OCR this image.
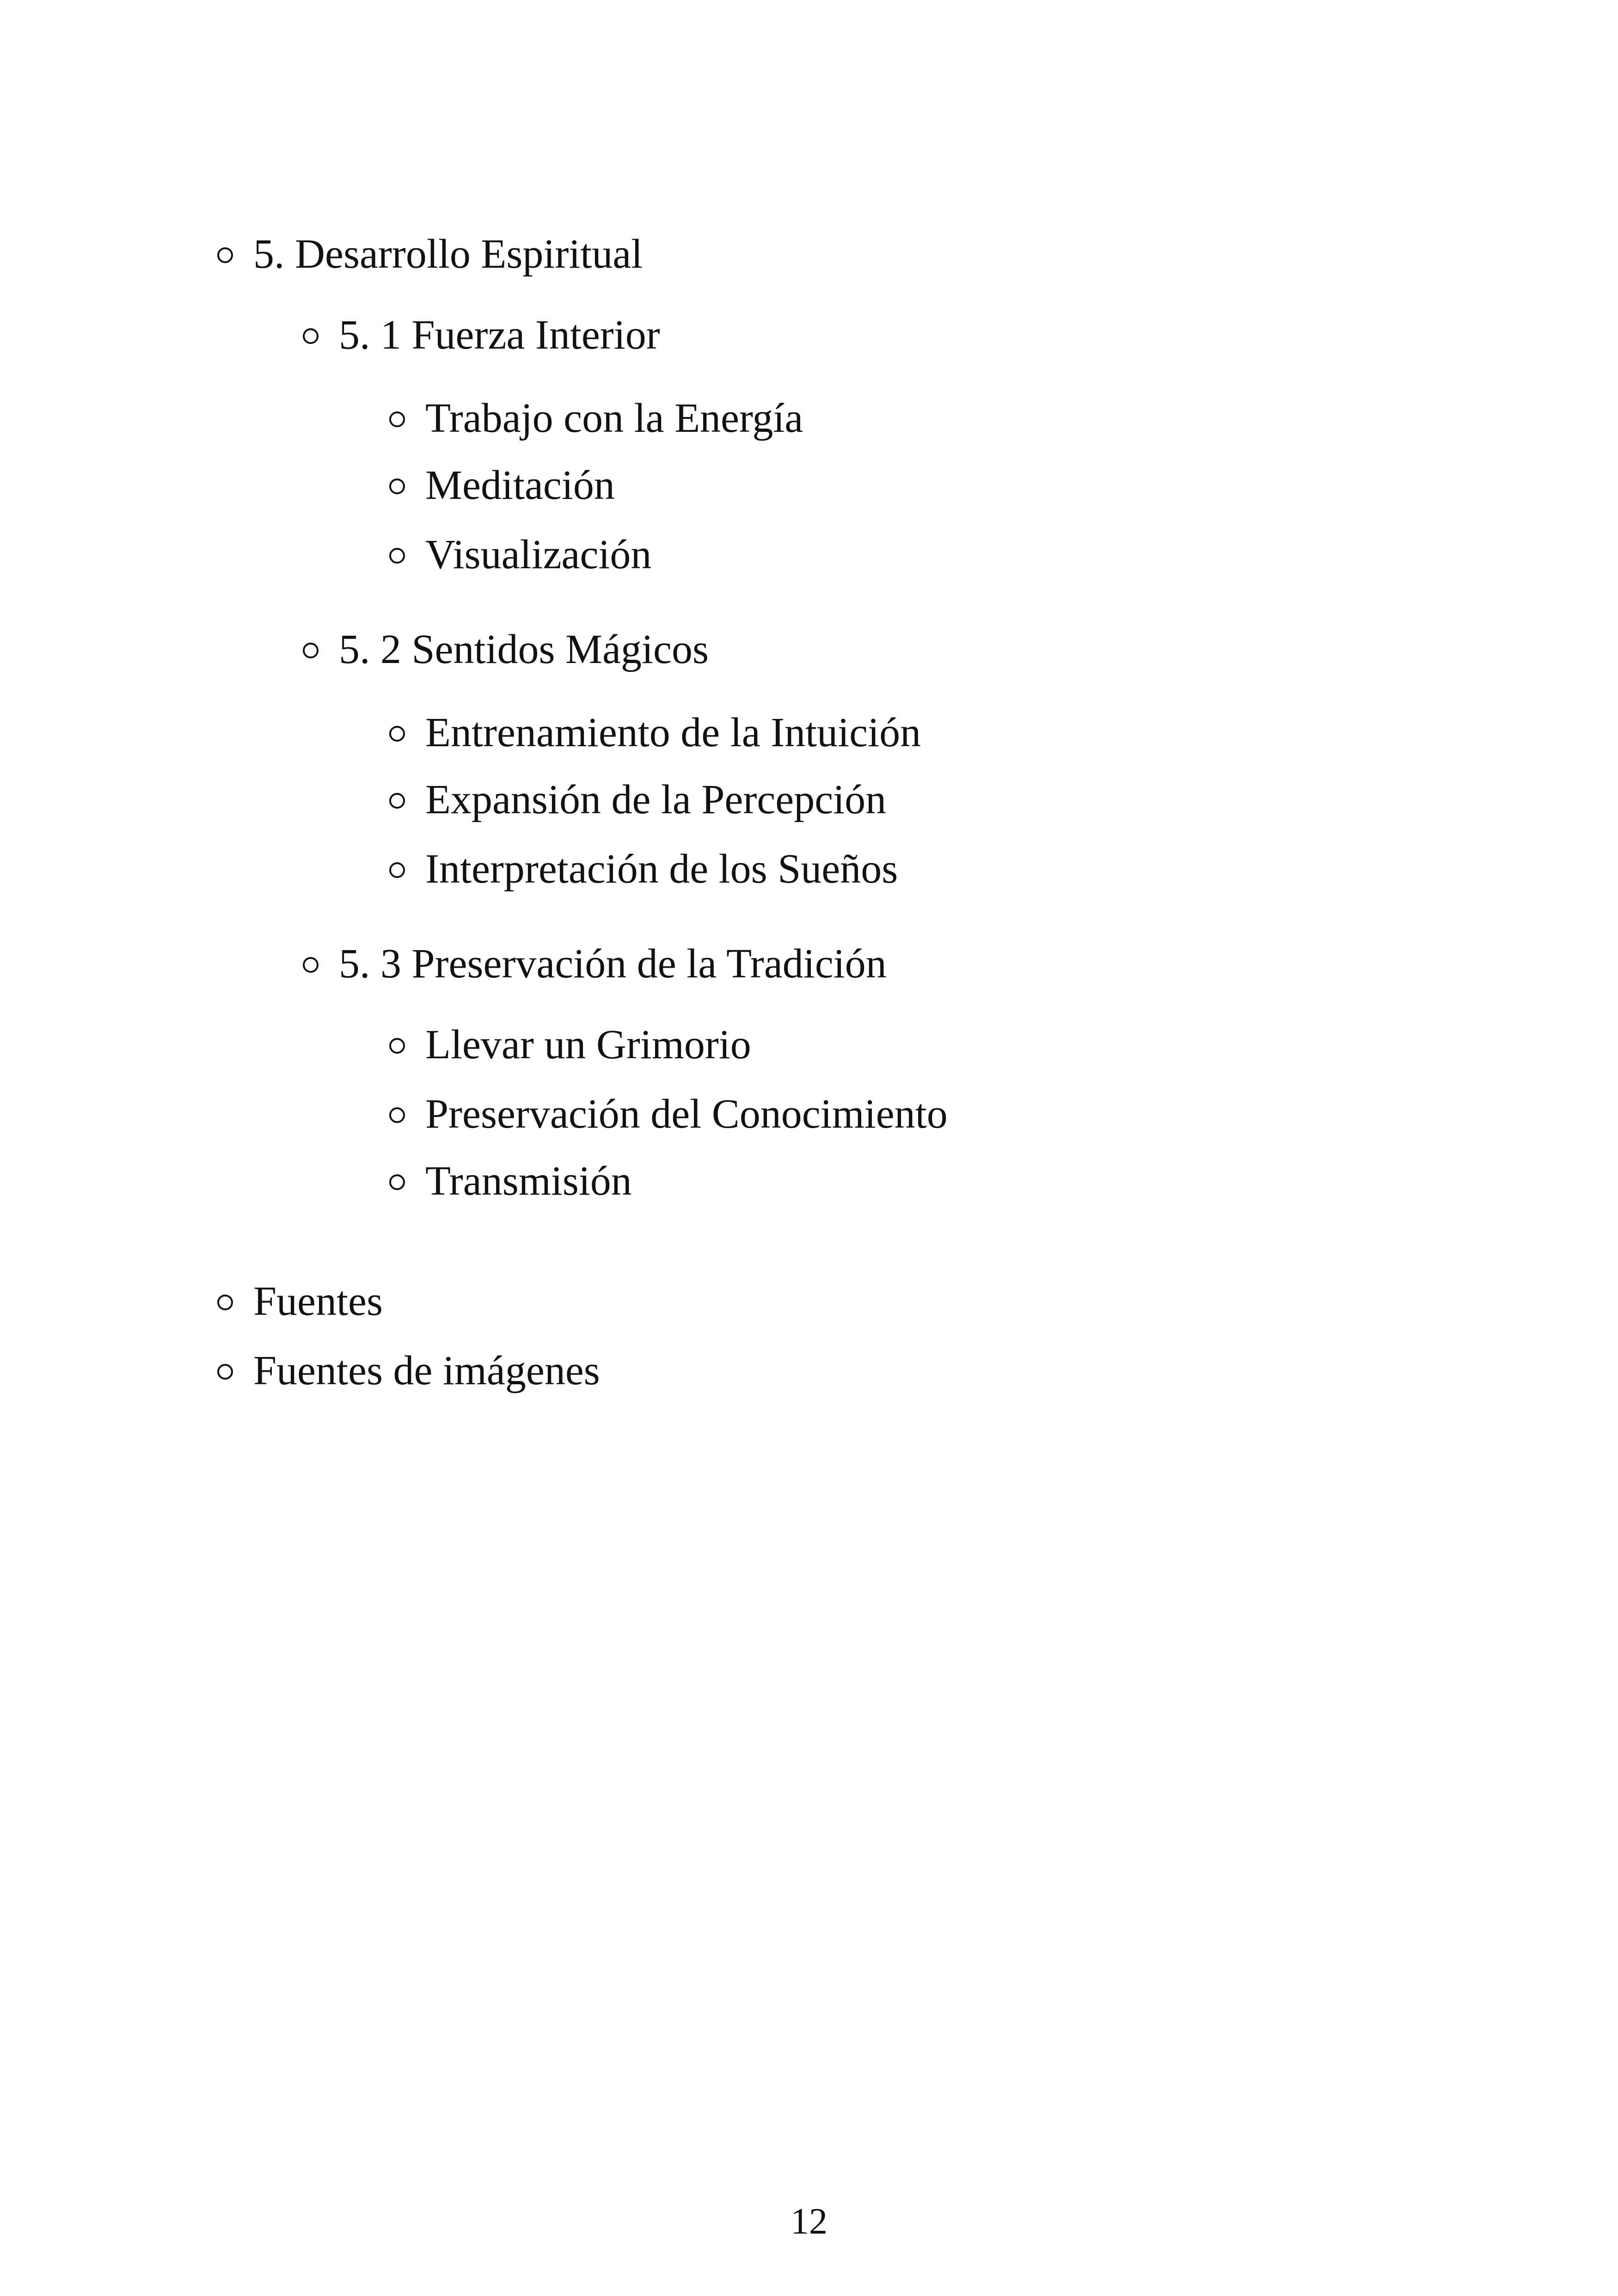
5. Desarrollo Espiritual
5. 1 Fuerza Interior
Trabajo con la Energía
Meditación
Visualización
5. 2 Sentidos Mágicos
Entrenamiento de la Intuición
Expansión de la Percepción
Interpretación de los Sueños
5. 3 Preservación de la Tradición
Llevar un Grimorio
Preservación del Conocimiento
Transmisión
Fuentes
Fuentes de imágenes
12
